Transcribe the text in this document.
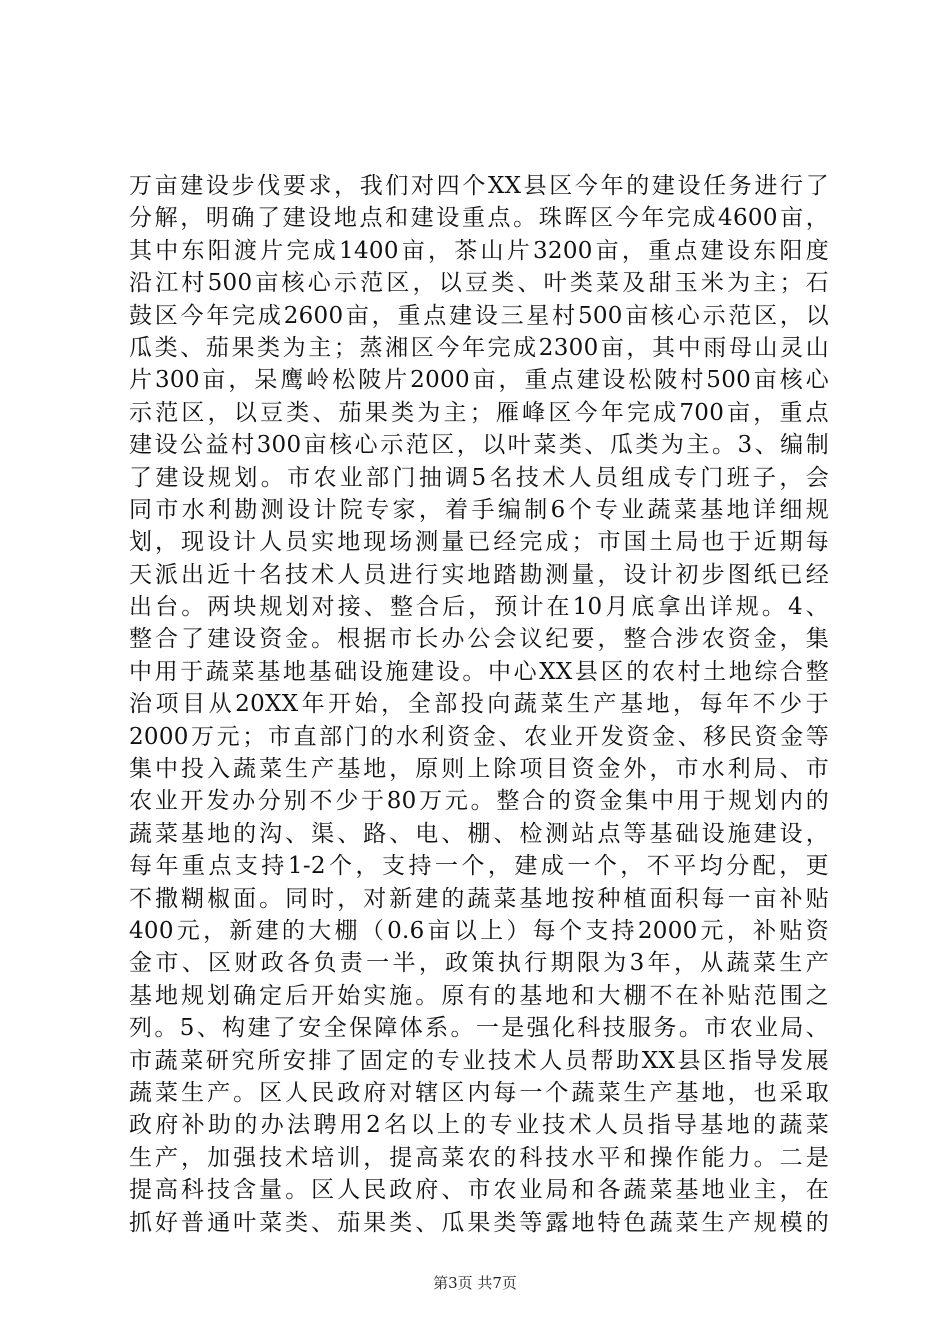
万亩建设步伐要求，我们对四个XX县区今年的建设任务进行了
分解，明确了建设地点和建设重点。珠晖区今年完成4600亩，
其中东阳渡片完成1400亩，茶山片3200亩，重点建设东阳度
沿江村500亩核心示范区，以豆类、叶类菜及甜玉米为主；石
鼓区今年完成2600亩，重点建设三星村500亩核心示范区，以
瓜类、茄果类为主；蒸湘区今年完成2300亩，其中雨母山灵山
片300亩，呆鹰岭松陂片2000亩，重点建设松陂村500亩核心
示范区，以豆类、茄果类为主；雁峰区今年完成700亩，重点
建设公益村300亩核心示范区，以叶菜类、瓜类为主。3、编制
了建设规划。市农业部门抽调5名技术人员组成专门班子，会
同市水利勘测设计院专家，着手编制6个专业蔬菜基地详细规
划，现设计人员实地现场测量已经完成；市国土局也于近期每
天派出近十名技术人员进行实地踏勘测量，设计初步图纸已经
出台。两块规划对接、整合后，预计在10月底拿出详规。4、
整合了建设资金。根据市长办公会议纪要，整合涉农资金，集
中用于蔬菜基地基础设施建设。中心XX县区的农村土地综合整
治项目从20XX年开始，全部投向蔬菜生产基地，每年不少于
2000万元；市直部门的水利资金、农业开发资金、移民资金等
集中投入蔬菜生产基地，原则上除项目资金外，市水利局、市
农业开发办分别不少于80万元。整合的资金集中用于规划内的
蔬菜基地的沟、渠、路、电、棚、检测站点等基础设施建设，
每年重点支持1-2个，支持一个，建成一个，不平均分配，更
不撒糊椒面。同时，对新建的蔬菜基地按种植面积每一亩补贴
400元，新建的大棚（0.6亩以上）每个支持2000元，补贴资
金市、区财政各负责一半，政策执行期限为3年，从蔬菜生产
基地规划确定后开始实施。原有的基地和大棚不在补贴范围之
列。5、构建了安全保障体系。一是强化科技服务。市农业局、
市蔬菜研究所安排了固定的专业技术人员帮助XX县区指导发展
蔬菜生产。区人民政府对辖区内每一个蔬菜生产基地，也采取
政府补助的办法聘用2名以上的专业技术人员指导基地的蔬菜
生产，加强技术培训，提高菜农的科技水平和操作能力。二是
提高科技含量。区人民政府、市农业局和各蔬菜基地业主，在
抓好普通叶菜类、茄果类、瓜果类等露地特色蔬菜生产规模的
第3页 共7页
